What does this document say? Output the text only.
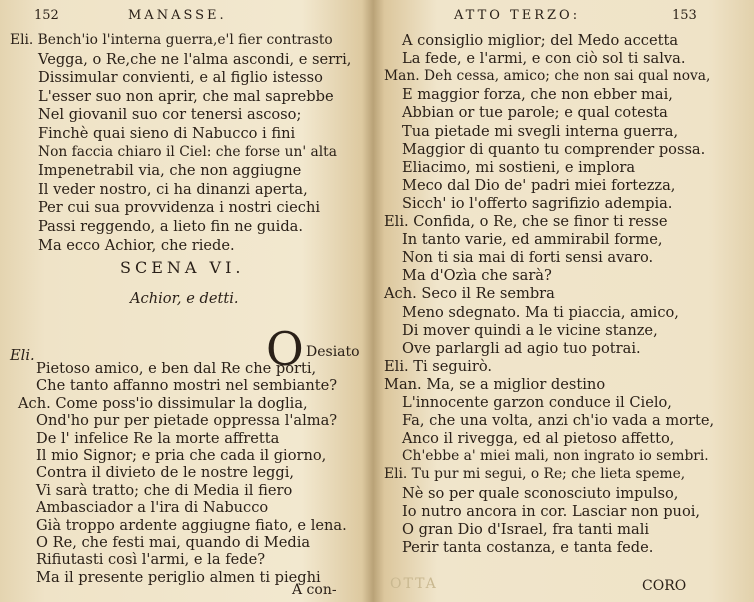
152	MANASSE.
Eli. Bench'io l'interna guerra,e'l fier contrasto
Vegga, o Re,che ne l'alma ascondi, e serri,
Dissimular convienti, e al figlio istesso
L'esser suo non aprir, che mal saprebbe
Nel giovanil suo cor tenersi ascoso;
Finchè quai sieno di Nabucco i fini
Non faccia chiaro il Ciel: che forse un' alta
Impenetrabil via, che non aggiugne
Il veder nostro, ci ha dinanzi aperta,
Per cui sua provvidenza i nostri ciechi
Passi reggendo, a lieto fin ne guida.
Ma ecco Achior, che riede.
SCENA VI.
Achior, e detti.
Eli.	O Desiato
Pietoso amico, e ben dal Re che porti,
Che tanto affanno mostri nel sembiante?
Ach. Come poss'io dissimular la doglia,
Ond'ho pur per pietade oppressa l'alma?
De l' infelice Re la morte affretta
Il mio Signor; e pria che cada il giorno,
Contra il divieto de le nostre leggi,
Vi sarà tratto; che di Media il fiero
Ambasciador a l'ira di Nabucco
Già troppo ardente aggiugne fiato, e lena.
O Re, che festi mai, quando di Media
Rifiutasti così l'armi, e la fede?
Ma il presente periglio almen ti pieghi
A con-
ATTO TERZO:	153
A consiglio miglior; del Medo accetta
La fede, e l'armi, e con ciò sol ti salva.
Man. Deh cessa, amico; che non sai qual nova,
E maggior forza, che non ebber mai,
Abbian or tue parole; e qual cotesta
Tua pietade mi svegli interna guerra,
Maggior di quanto tu comprender possa.
Eliacimo, mi sostieni, e implora
Meco dal Dio de' padri miei fortezza,
Sicch' io l'offerto sagrifizio adempia.
Eli. Confida, o Re, che se finor ti resse
In tanto varie, ed ammirabil forme,
Non ti sia mai di forti sensi avaro.
Ma d'Ozìa che sarà?
Ach. Seco il Re sembra
Meno sdegnato. Ma ti piaccia, amico,
Di mover quindi a le vicine stanze,
Ove parlargli ad agio tuo potrai.
Eli. Ti seguirò.
Man. Ma, se a miglior destino
L'innocente garzon conduce il Cielo,
Fa, che una volta, anzi ch'io vada a morte,
Anco il rivegga, ed al pietoso affetto,
Ch'ebbe a' miei mali, non ingrato io sembri.
Eli. Tu pur mi segui, o Re; che lieta speme,
Nè so per quale sconosciuto impulso,
Io nutro ancora in cor. Lasciar non puoi,
O gran Dio d'Israel, fra tanti mali
Perir tanta costanza, e tanta fede.
OTTA	CORO
